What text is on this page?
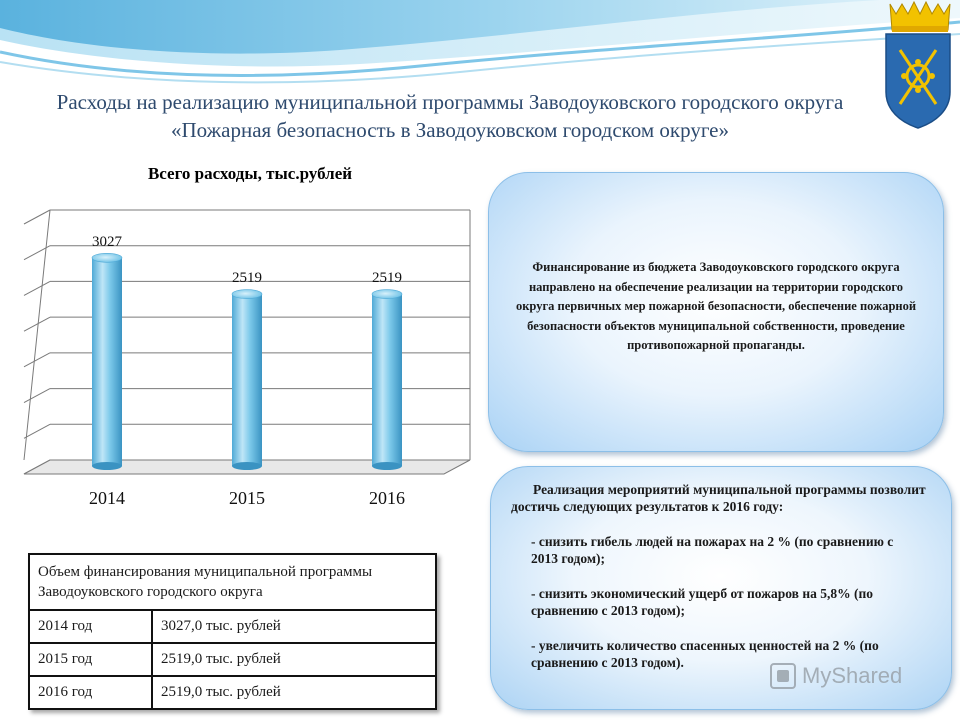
Расходы на реализацию муниципальной программы Заводоуковского городского округа «Пожарная безопасность в Заводоуковском городском округе»
Всего расходы, тыс.рублей
3027
2014
2519
2015
2519
2016
Финансирование из бюджета Заводоуковского городского округа направлено на обеспечение реализации на территории городского округа первичных мер пожарной безопасности, обеспечение пожарной безопасности объектов муниципальной собственности, проведение противопожарной пропаганды.

Реализация мероприятий муниципальной программы позволит достичь следующих результатов к 2016 году:

- снизить гибель людей на пожарах на 2 % (по сравнению с 2013 годом);

- снизить экономический ущерб от пожаров на 5,8% (по сравнению с 2013 годом);

- увеличить количество спасенных ценностей на 2 % (по сравнению с 2013 годом).

MyShared
Объем финансирования муниципальной программы Заводоуковского городского округа	
2014 год	3027,0 тыс. рублей
2015 год	2519,0 тыс. рублей
2016 год	2519,0 тыс. рублей
